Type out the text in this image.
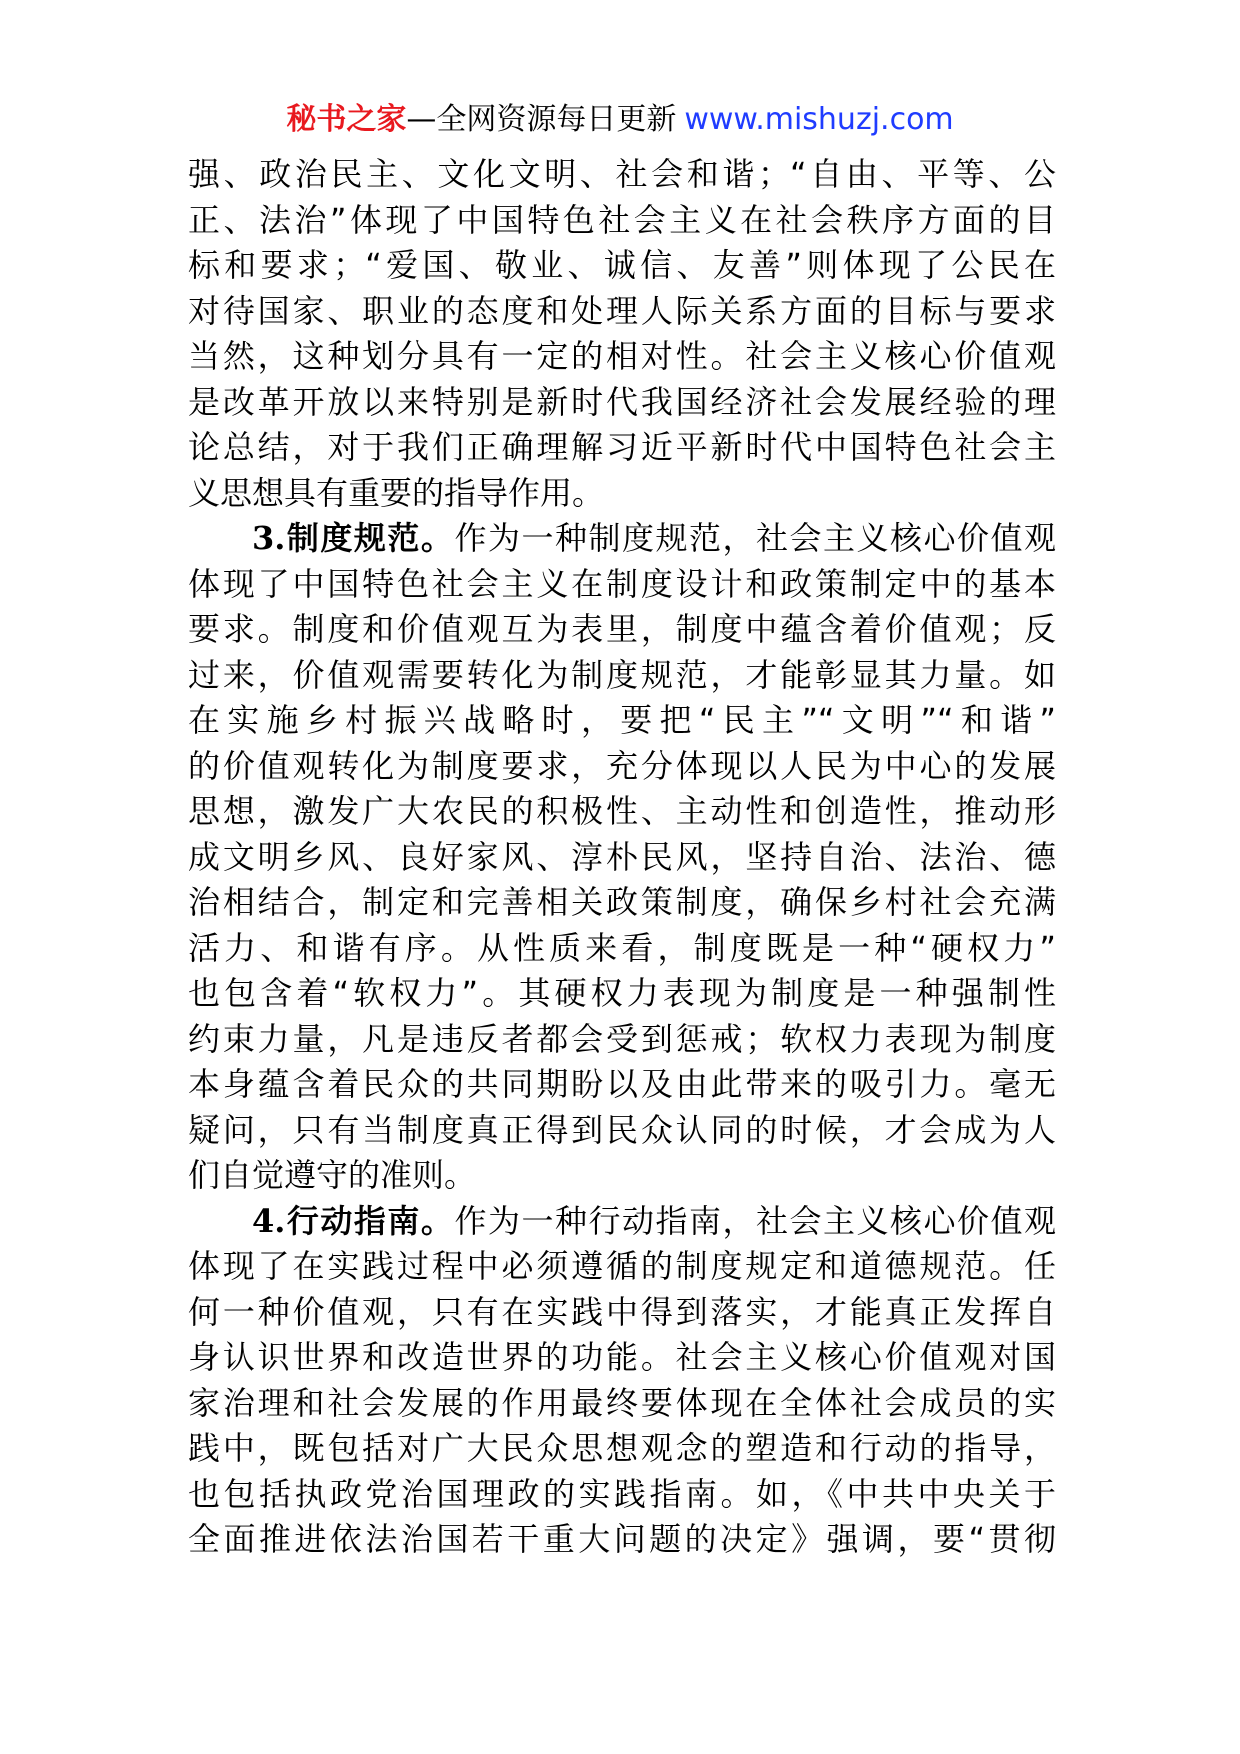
秘书之家—全网资源每日更新 www.mishuzj.com
强、政治民主、文化文明、社会和谐；“自由、平等、公
正、法治”体现了中国特色社会主义在社会秩序方面的目
标和要求；“爱国、敬业、诚信、友善”则体现了公民在
对待国家、职业的态度和处理人际关系方面的目标与要求
当然，这种划分具有一定的相对性。社会主义核心价值观
是改革开放以来特别是新时代我国经济社会发展经验的理
论总结，对于我们正确理解习近平新时代中国特色社会主
义思想具有重要的指导作用。
3.制度规范。作为一种制度规范，社会主义核心价值观
体现了中国特色社会主义在制度设计和政策制定中的基本
要求。制度和价值观互为表里，制度中蕴含着价值观；反
过来，价值观需要转化为制度规范，才能彰显其力量。如
在实施乡村振兴战略时，要把“民主”“文明”“和谐”
的价值观转化为制度要求，充分体现以人民为中心的发展
思想，激发广大农民的积极性、主动性和创造性，推动形
成文明乡风、良好家风、淳朴民风，坚持自治、法治、德
治相结合，制定和完善相关政策制度，确保乡村社会充满
活力、和谐有序。从性质来看，制度既是一种“硬权力”
也包含着“软权力”。其硬权力表现为制度是一种强制性
约束力量，凡是违反者都会受到惩戒；软权力表现为制度
本身蕴含着民众的共同期盼以及由此带来的吸引力。毫无
疑问，只有当制度真正得到民众认同的时候，才会成为人
们自觉遵守的准则。
4.行动指南。作为一种行动指南，社会主义核心价值观
体现了在实践过程中必须遵循的制度规定和道德规范。任
何一种价值观，只有在实践中得到落实，才能真正发挥自
身认识世界和改造世界的功能。社会主义核心价值观对国
家治理和社会发展的作用最终要体现在全体社会成员的实
践中，既包括对广大民众思想观念的塑造和行动的指导，
也包括执政党治国理政的实践指南。如，《中共中央关于
全面推进依法治国若干重大问题的决定》强调，要“贯彻
